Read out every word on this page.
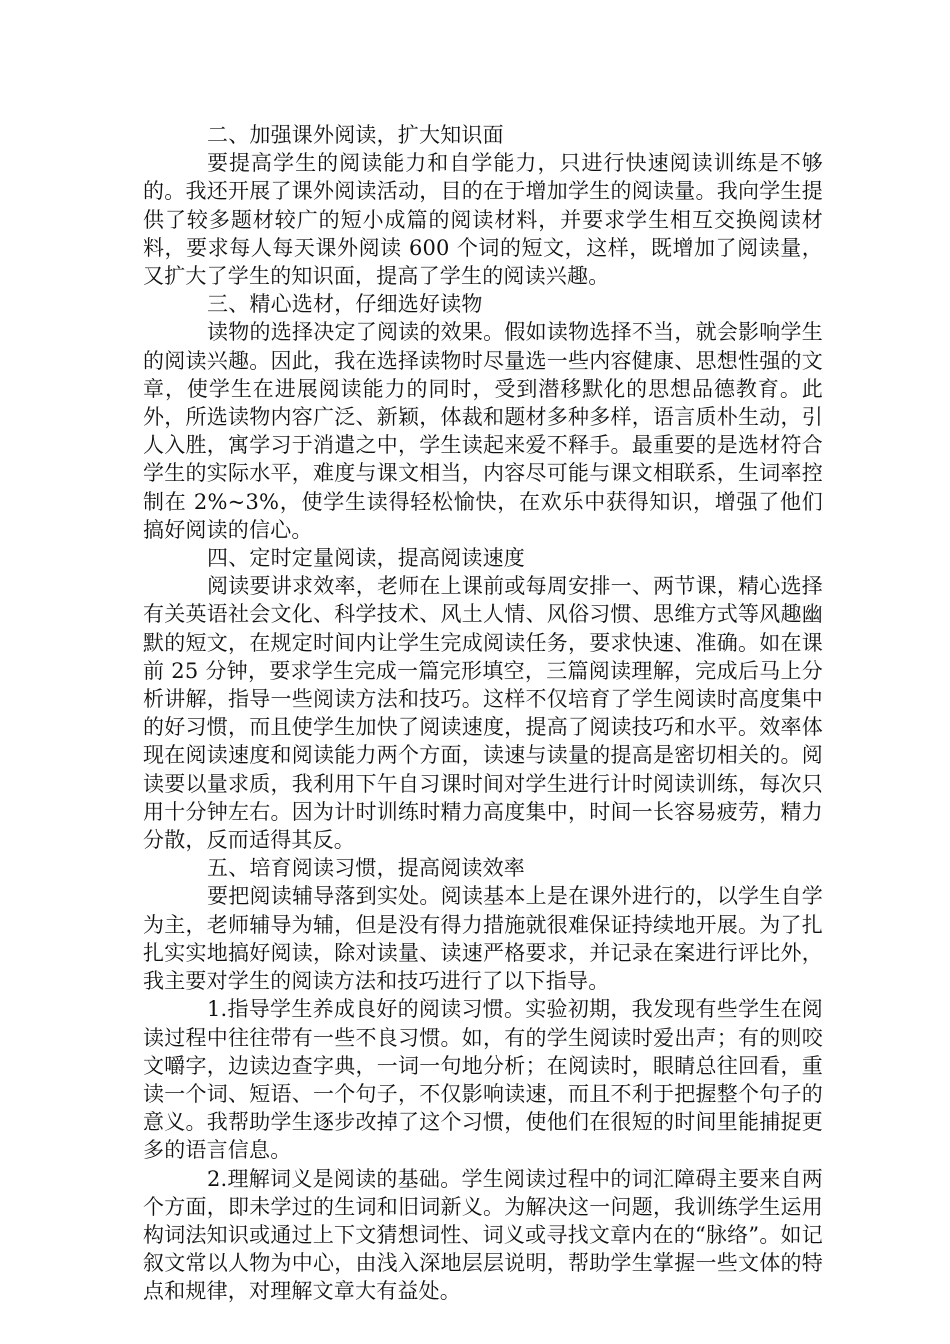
二、加强课外阅读，扩大知识面

要提高学生的阅读能力和自学能力，只进行快速阅读训练是不够的。我还开展了课外阅读活动，目的在于增加学生的阅读量。我向学生提供了较多题材较广的短小成篇的阅读材料，并要求学生相互交换阅读材料，要求每人每天课外阅读 600 个词的短文，这样，既增加了阅读量，又扩大了学生的知识面，提高了学生的阅读兴趣。

三、精心选材，仔细选好读物

读物的选择决定了阅读的效果。假如读物选择不当，就会影响学生的阅读兴趣。因此，我在选择读物时尽量选一些内容健康、思想性强的文章，使学生在进展阅读能力的同时，受到潜移默化的思想品德教育。此外，所选读物内容广泛、新颖，体裁和题材多种多样，语言质朴生动，引人入胜，寓学习于消遣之中，学生读起来爱不释手。最重要的是选材符合学生的实际水平，难度与课文相当，内容尽可能与课文相联系，生词率控制在 2%~3%，使学生读得轻松愉快，在欢乐中获得知识，增强了他们搞好阅读的信心。

四、定时定量阅读，提高阅读速度

阅读要讲求效率，老师在上课前或每周安排一、两节课，精心选择有关英语社会文化、科学技术、风土人情、风俗习惯、思维方式等风趣幽默的短文，在规定时间内让学生完成阅读任务，要求快速、准确。如在课前 25 分钟，要求学生完成一篇完形填空，三篇阅读理解，完成后马上分析讲解，指导一些阅读方法和技巧。这样不仅培育了学生阅读时高度集中的好习惯，而且使学生加快了阅读速度，提高了阅读技巧和水平。效率体现在阅读速度和阅读能力两个方面，读速与读量的提高是密切相关的。阅读要以量求质，我利用下午自习课时间对学生进行计时阅读训练，每次只用十分钟左右。因为计时训练时精力高度集中，时间一长容易疲劳，精力分散，反而适得其反。

五、培育阅读习惯，提高阅读效率

要把阅读辅导落到实处。阅读基本上是在课外进行的，以学生自学为主，老师辅导为辅，但是没有得力措施就很难保证持续地开展。为了扎扎实实地搞好阅读，除对读量、读速严格要求，并记录在案进行评比外，我主要对学生的阅读方法和技巧进行了以下指导。

1.指导学生养成良好的阅读习惯。实验初期，我发现有些学生在阅读过程中往往带有一些不良习惯。如，有的学生阅读时爱出声；有的则咬文嚼字，边读边查字典，一词一句地分析；在阅读时，眼睛总往回看，重读一个词、短语、一个句子，不仅影响读速，而且不利于把握整个句子的意义。我帮助学生逐步改掉了这个习惯，使他们在很短的时间里能捕捉更多的语言信息。

2.理解词义是阅读的基础。学生阅读过程中的词汇障碍主要来自两个方面，即未学过的生词和旧词新义。为解决这一问题，我训练学生运用构词法知识或通过上下文猜想词性、词义或寻找文章内在的“脉络”。如记叙文常以人物为中心，由浅入深地层层说明，帮助学生掌握一些文体的特点和规律，对理解文章大有益处。
